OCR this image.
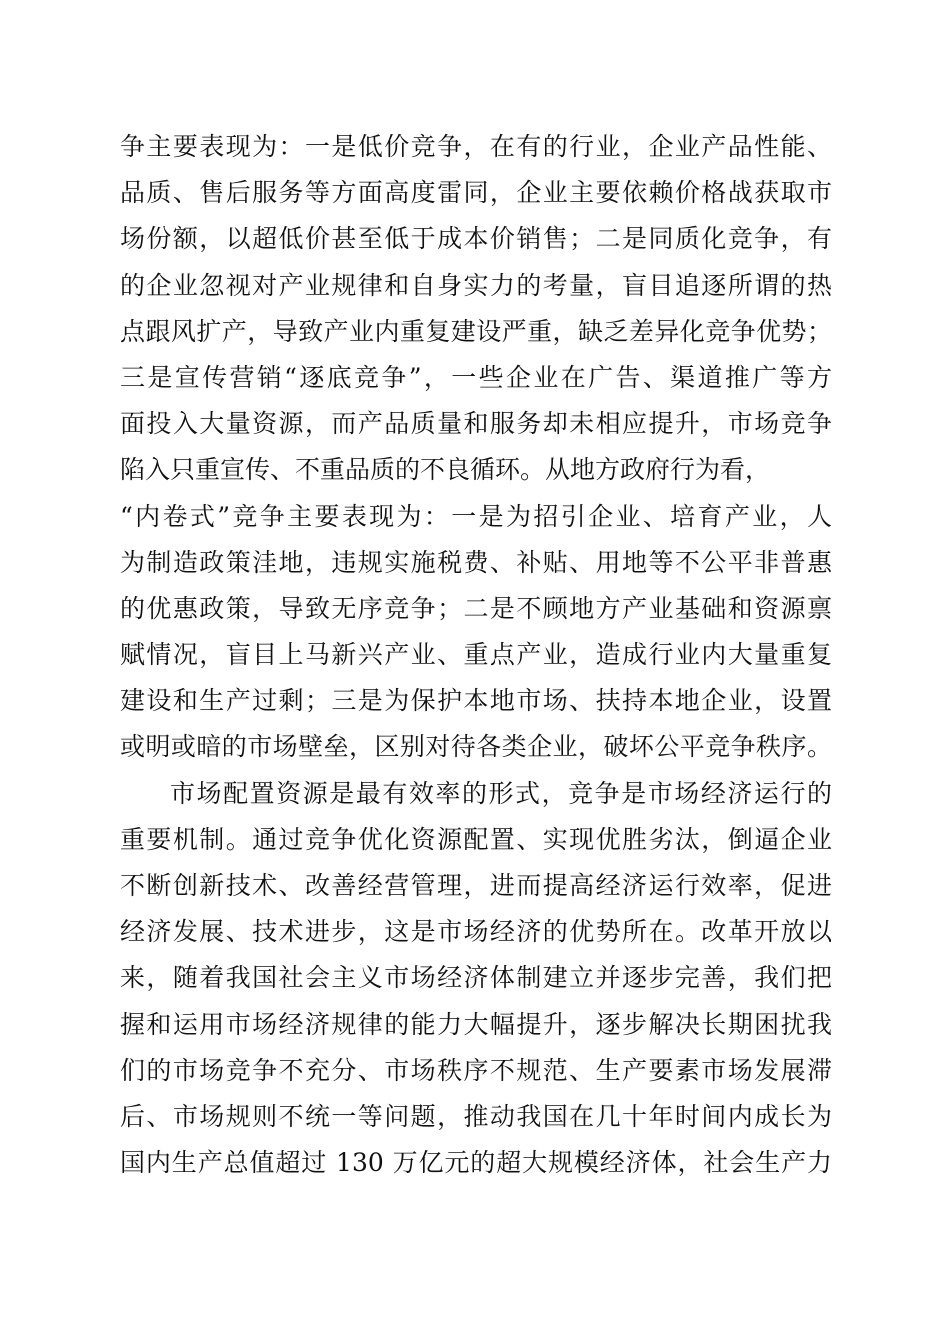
争主要表现为：一是低价竞争，在有的行业，企业产品性能、
品质、售后服务等方面高度雷同，企业主要依赖价格战获取市
场份额，以超低价甚至低于成本价销售；二是同质化竞争，有
的企业忽视对产业规律和自身实力的考量，盲目追逐所谓的热
点跟风扩产，导致产业内重复建设严重，缺乏差异化竞争优势；
三是宣传营销“逐底竞争”，一些企业在广告、渠道推广等方
面投入大量资源，而产品质量和服务却未相应提升，市场竞争
陷入只重宣传、不重品质的不良循环。从地方政府行为看，
“内卷式”竞争主要表现为：一是为招引企业、培育产业，人
为制造政策洼地，违规实施税费、补贴、用地等不公平非普惠
的优惠政策，导致无序竞争；二是不顾地方产业基础和资源禀
赋情况，盲目上马新兴产业、重点产业，造成行业内大量重复
建设和生产过剩；三是为保护本地市场、扶持本地企业，设置
或明或暗的市场壁垒，区别对待各类企业，破坏公平竞争秩序。
市场配置资源是最有效率的形式，竞争是市场经济运行的
重要机制。通过竞争优化资源配置、实现优胜劣汰，倒逼企业
不断创新技术、改善经营管理，进而提高经济运行效率，促进
经济发展、技术进步，这是市场经济的优势所在。改革开放以
来，随着我国社会主义市场经济体制建立并逐步完善，我们把
握和运用市场经济规律的能力大幅提升，逐步解决长期困扰我
们的市场竞争不充分、市场秩序不规范、生产要素市场发展滞
后、市场规则不统一等问题，推动我国在几十年时间内成长为
国内生产总值超过 130 万亿元的超大规模经济体，社会生产力
